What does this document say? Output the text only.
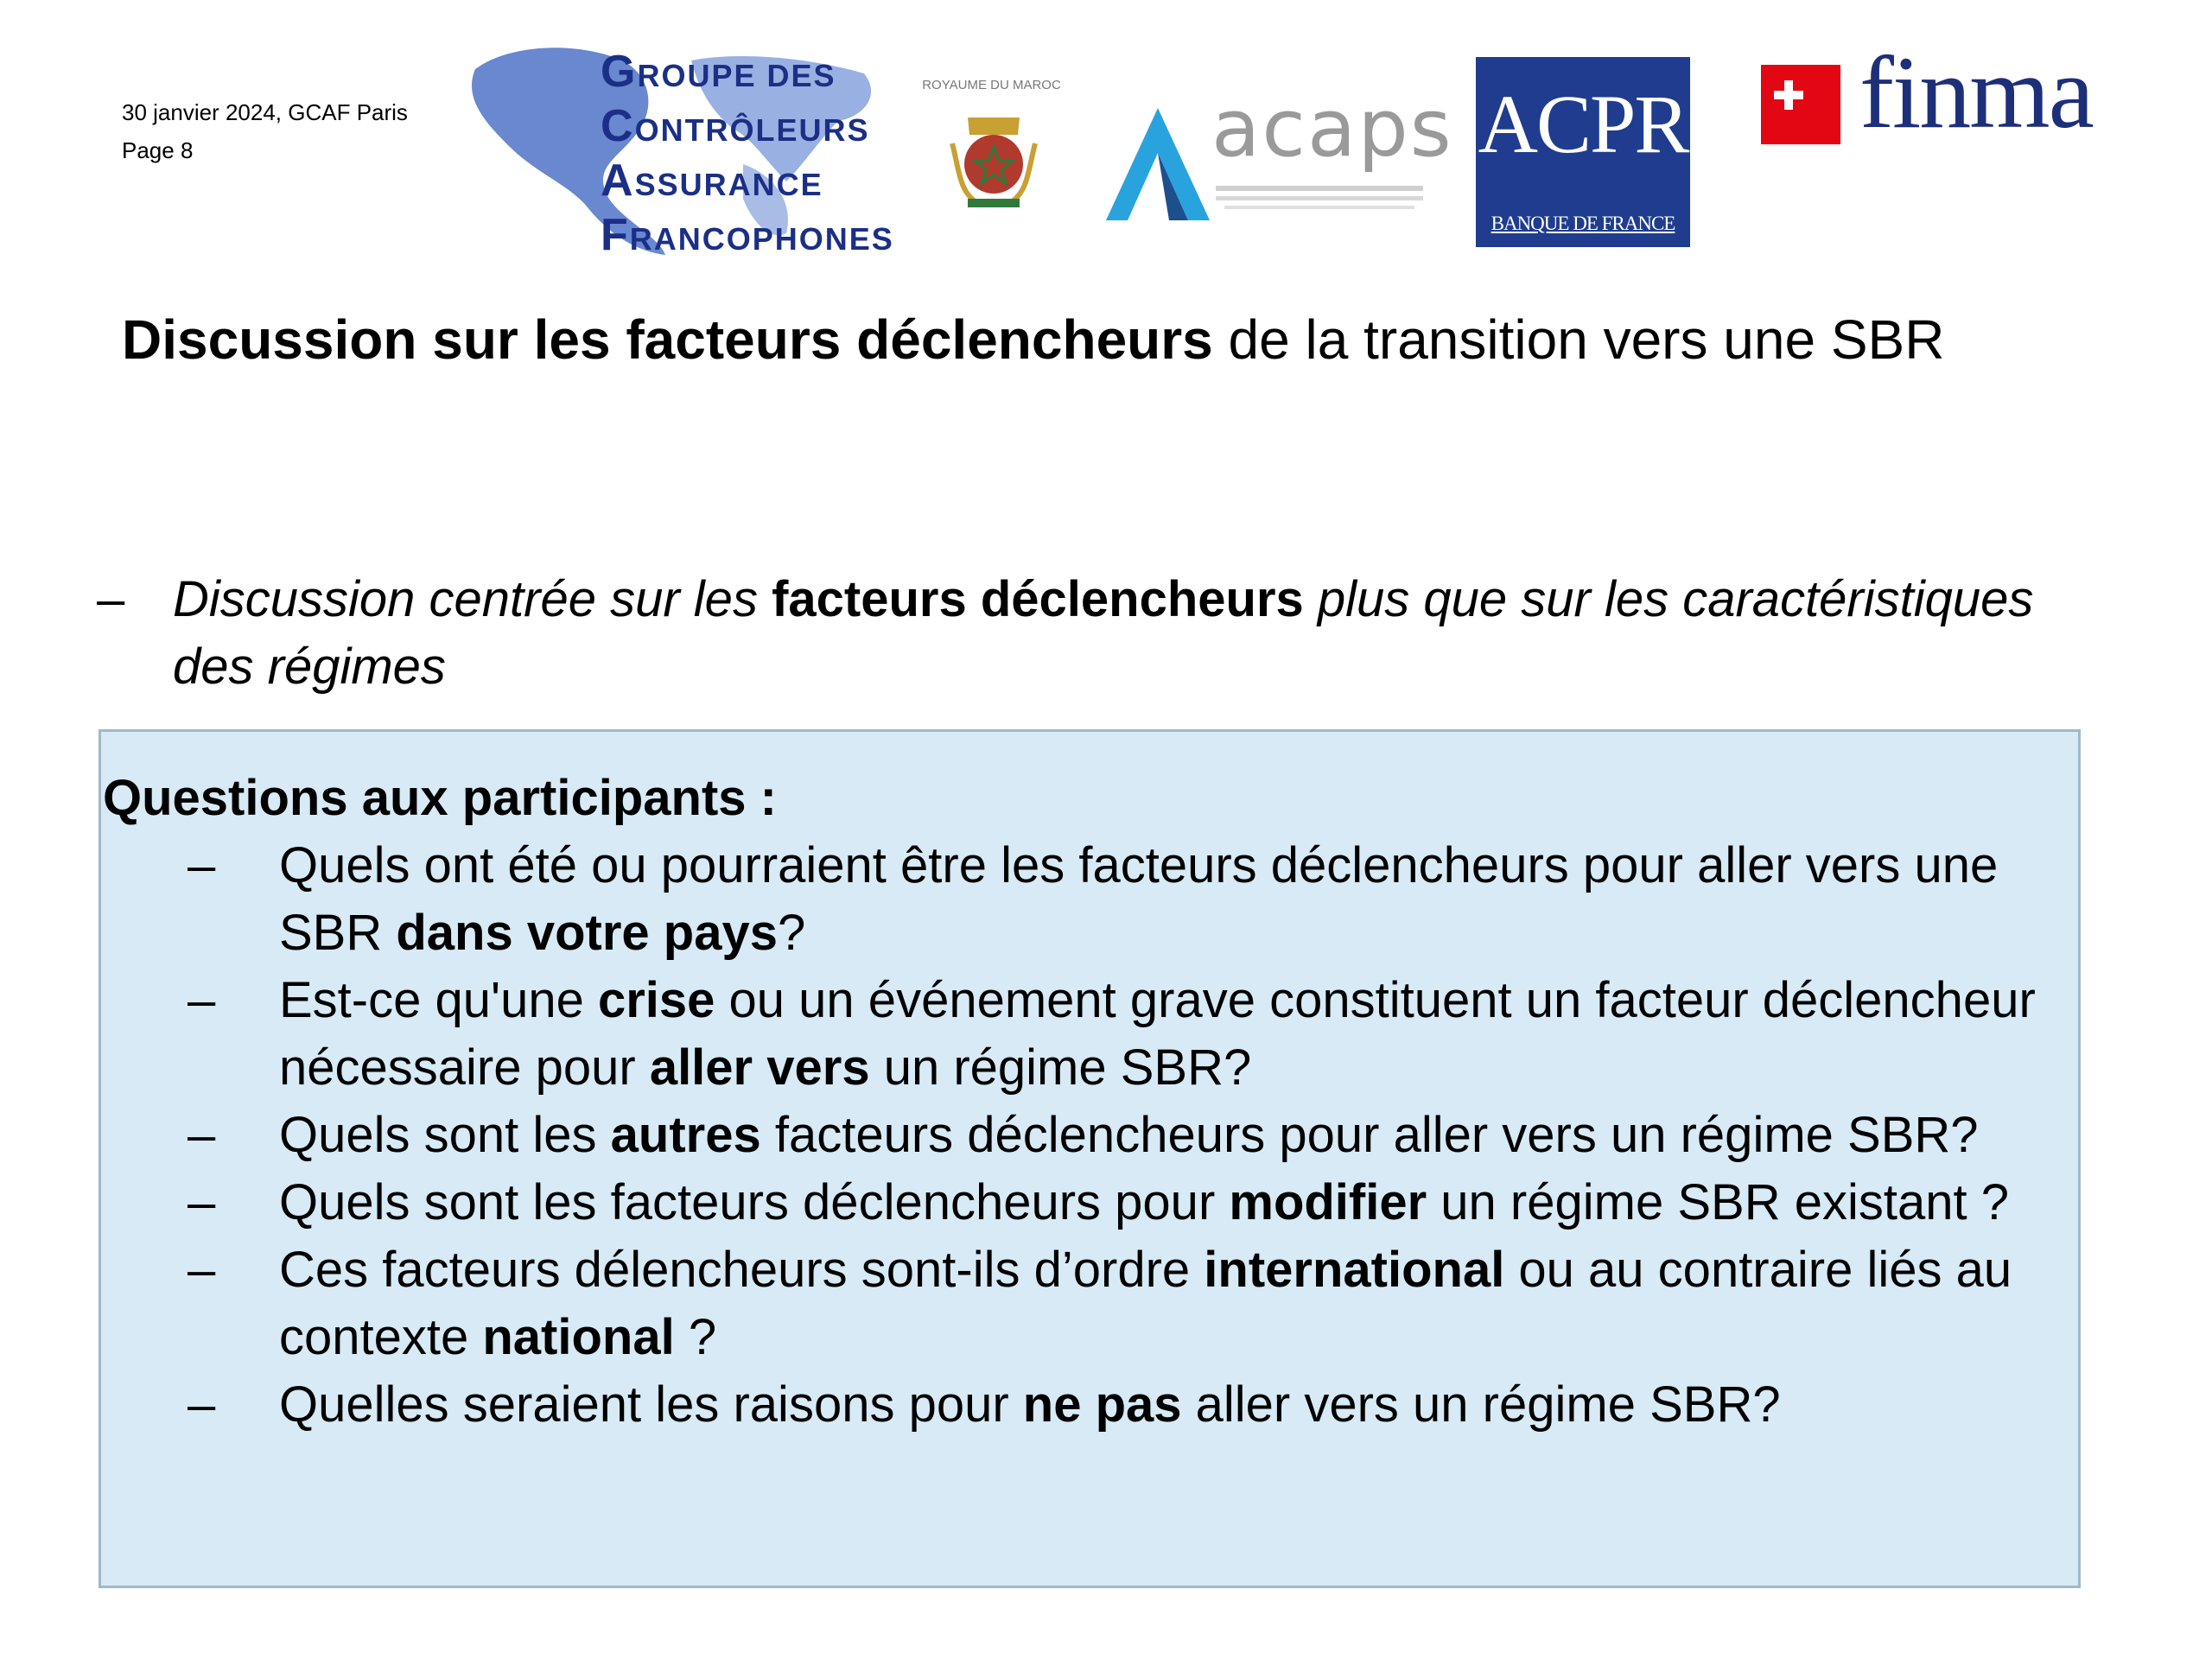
30 janvier 2024, GCAF Paris
Page 8
GROUPE DES
CONTRÔLEURS
ASSURANCE
FRANCOPHONES
ROYAUME DU MAROC acaps ACPR
BANQUE DE FRANCE
finma
Discussion sur les facteurs déclencheurs de la transition vers une SBR
– Discussion centrée sur les facteurs déclencheurs plus que sur les caractéristiques des régimes
Questions aux participants :
– Quels ont été ou pourraient être les facteurs déclencheurs pour aller vers une SBR dans votre pays?
– Est-ce qu'une crise ou un événement grave constituent un facteur déclencheur nécessaire pour aller vers un régime SBR?
– Quels sont les autres facteurs déclencheurs pour aller vers un régime SBR?
– Quels sont les facteurs déclencheurs pour modifier un régime SBR existant ?
– Ces facteurs délencheurs sont-ils d’ordre international ou au contraire liés au contexte national ?
– Quelles seraient les raisons pour ne pas aller vers un régime SBR?
